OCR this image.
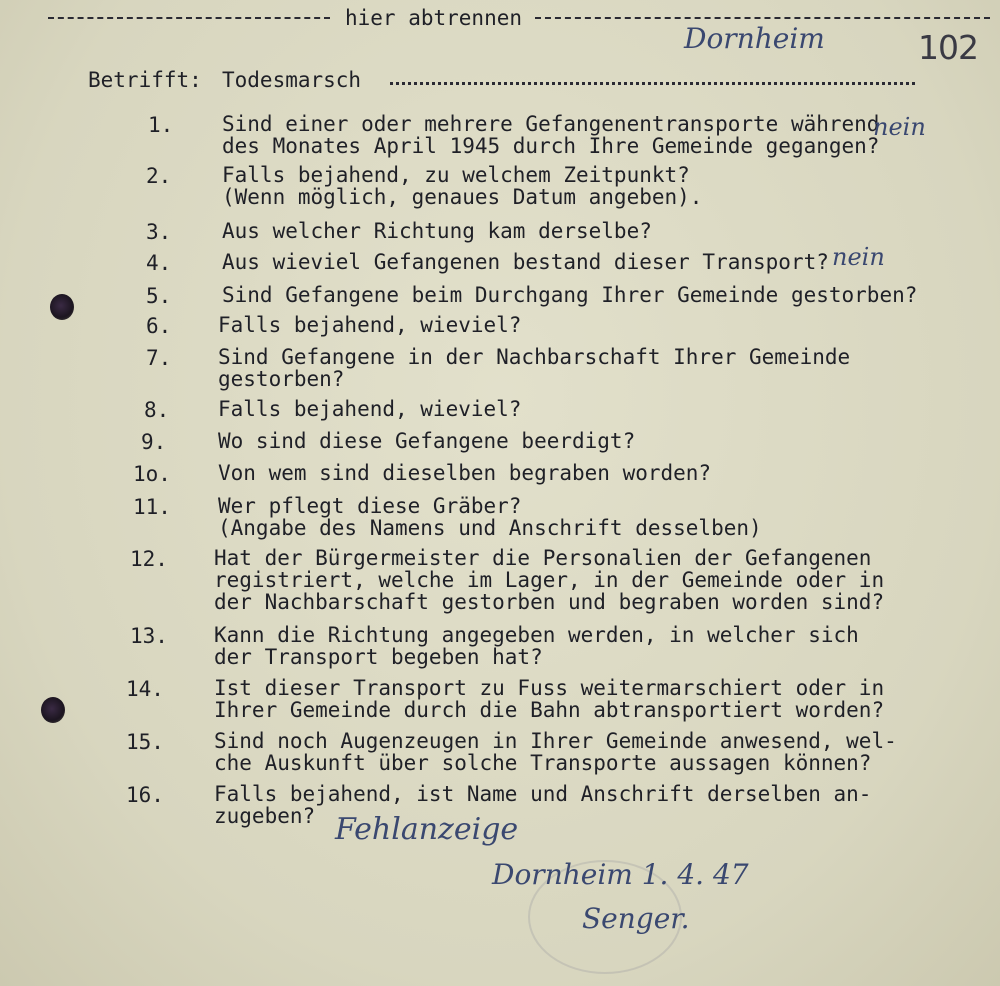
hier abtrennen
Dornheim	102
Betrifft: Todesmarsch
1. Sind einer oder mehrere Gefangenentransporte während
des Monates April 1945 durch Ihre Gemeinde gegangen?
2. Falls bejahend, zu welchem Zeitpunkt?
(Wenn möglich, genaues Datum angeben).
3. Aus welcher Richtung kam derselbe?
4. Aus wieviel Gefangenen bestand dieser Transport?
5. Sind Gefangene beim Durchgang Ihrer Gemeinde gestorben?
6. Falls bejahend, wieviel?
7. Sind Gefangene in der Nachbarschaft Ihrer Gemeinde
gestorben?
8. Falls bejahend, wieviel?
9. Wo sind diese Gefangene beerdigt?
1o. Von wem sind dieselben begraben worden?
11. Wer pflegt diese Gräber?
(Angabe des Namens und Anschrift desselben)
12. Hat der Bürgermeister die Personalien der Gefangenen
registriert, welche im Lager, in der Gemeinde oder in
der Nachbarschaft gestorben und begraben worden sind?
13. Kann die Richtung angegeben werden, in welcher sich
der Transport begeben hat?
14. Ist dieser Transport zu Fuss weitermarschiert oder in
Ihrer Gemeinde durch die Bahn abtransportiert worden?
15. Sind noch Augenzeugen in Ihrer Gemeinde anwesend, wel-
che Auskunft über solche Transporte aussagen können?
16. Falls bejahend, ist Name und Anschrift derselben an-
zugeben?
nein
nein
Fehlanzeige
Dornheim 1. 4. 47
Senger.
